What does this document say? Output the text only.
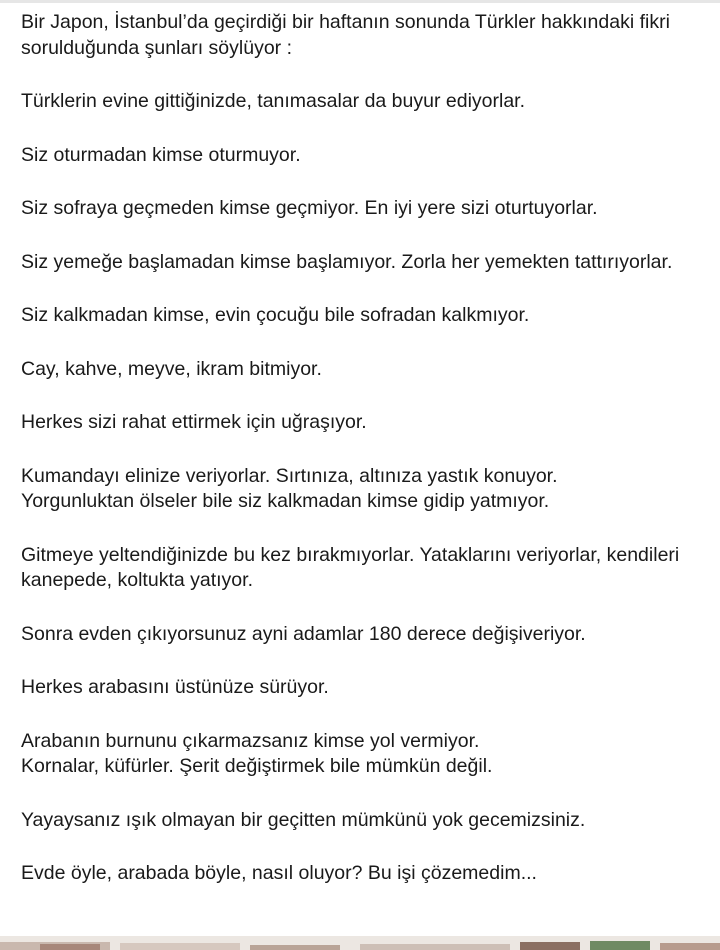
Bir Japon, İstanbul’da geçirdiği bir haftanın sonunda Türkler hakkındaki fikri sorulduğunda şunları söylüyor :

Türklerin evine gittiğinizde, tanımasalar da buyur ediyorlar.

Siz oturmadan kimse oturmuyor.

Siz sofraya geçmeden kimse geçmiyor. En iyi yere sizi oturtuyorlar.

Siz yemeğe başlamadan kimse başlamıyor. Zorla her yemekten tattırıyorlar.

Siz kalkmadan kimse, evin çocuğu bile sofradan kalkmıyor.

Cay, kahve, meyve, ikram bitmiyor.

Herkes sizi rahat ettirmek için uğraşıyor.

Kumandayı elinize veriyorlar. Sırtınıza, altınıza yastık konuyor.
Yorgunluktan ölseler bile siz kalkmadan kimse gidip yatmıyor.

Gitmeye yeltendiğinizde bu kez bırakmıyorlar. Yataklarını veriyorlar, kendileri kanepede, koltukta yatıyor.

Sonra evden çıkıyorsunuz ayni adamlar 180 derece değişiveriyor.

Herkes arabasını üstünüze sürüyor.

Arabanın burnunu çıkarmazsanız kimse yol vermiyor.
Kornalar, küfürler. Şerit değiştirmek bile mümkün değil.

Yayaysanız ışık olmayan bir geçitten mümkünü yok gecemizsiniz.

Evde öyle, arabada böyle, nasıl oluyor? Bu işi çözemedim...
